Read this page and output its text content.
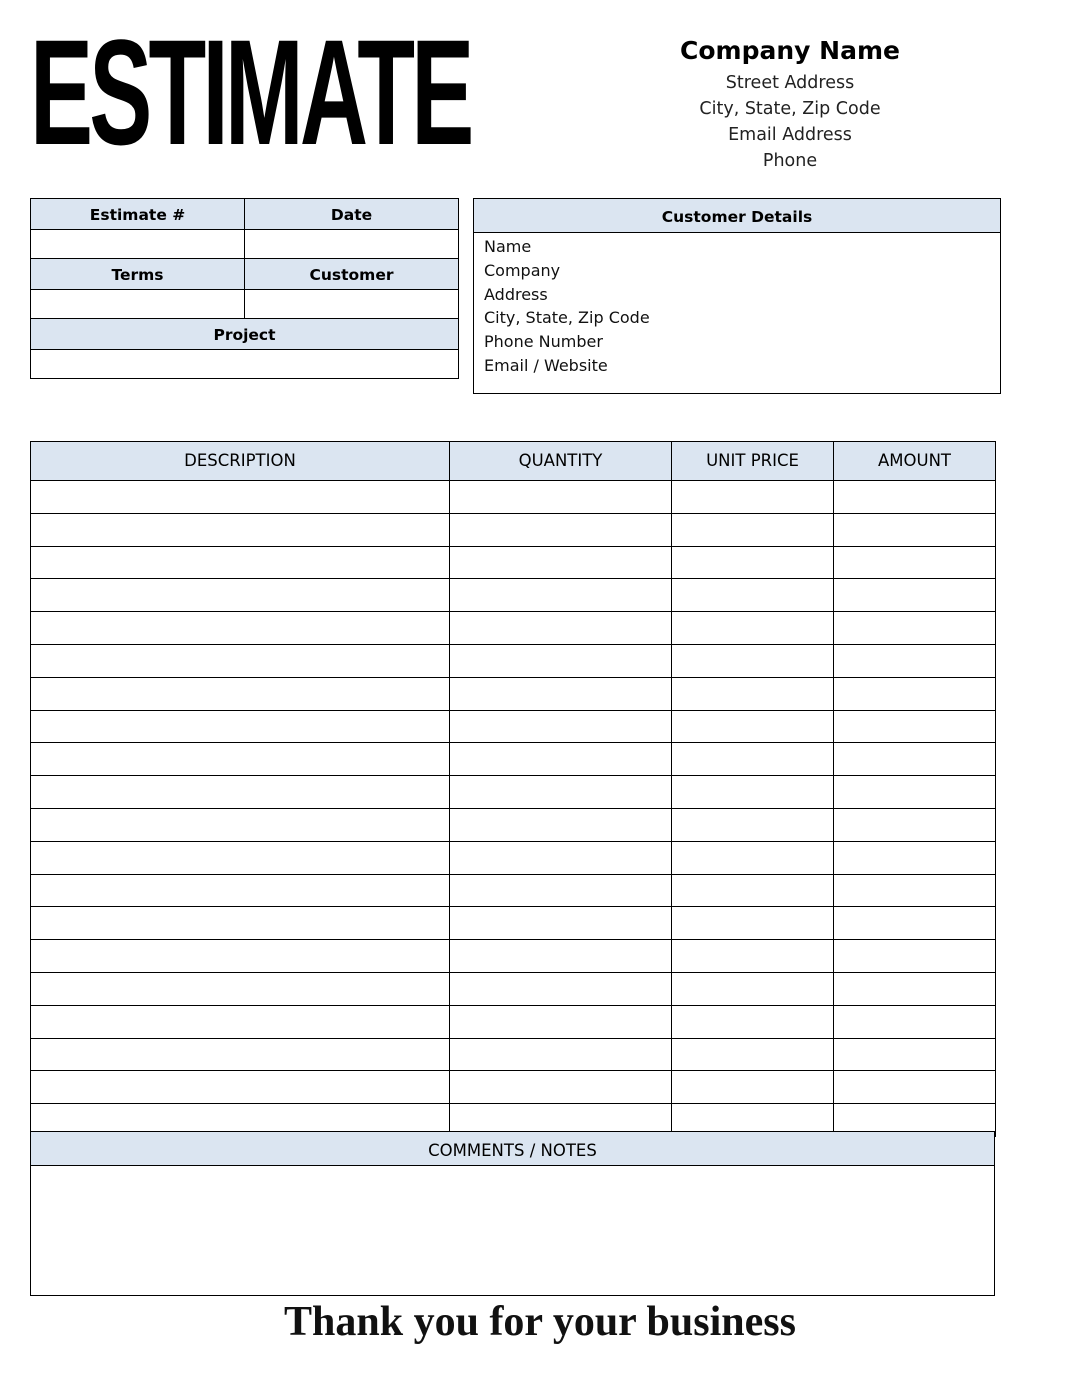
ESTIMATE	Company Name
Street Address
City, State, Zip Code
Email Address
Phone
Estimate #	Date

Terms	Customer

Project	

Customer Details
Name
Company
Address
City, State, Zip Code
Phone Number
Email / Website
DESCRIPTION	QUANTITY	UNIT PRICE	AMOUNT

COMMENTS / NOTES
Thank you for your business
